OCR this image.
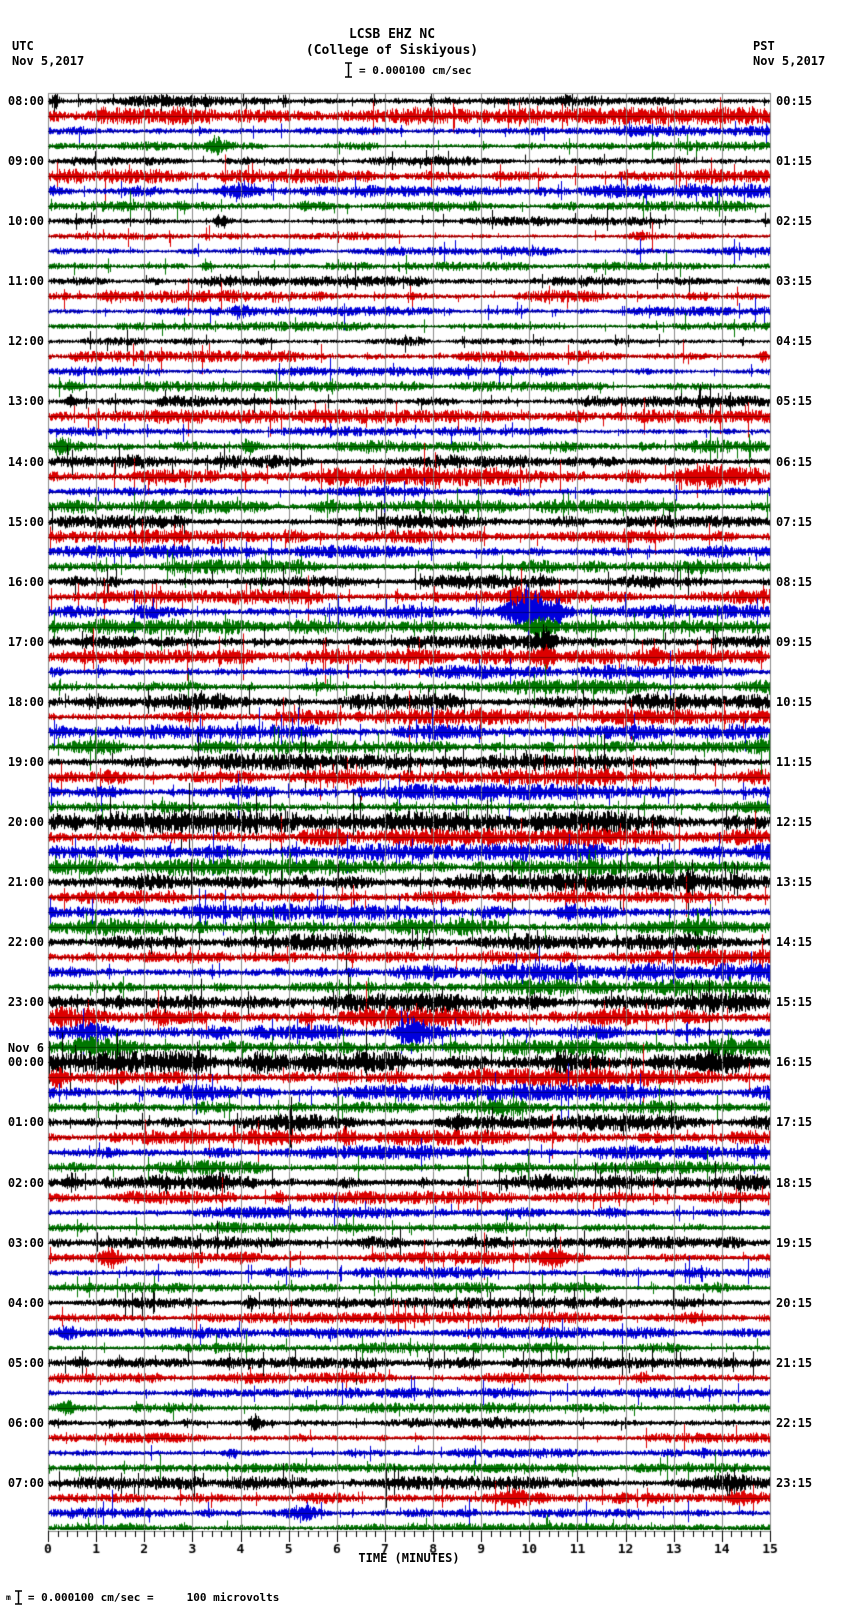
LCSB EHZ NC
(College of Siskiyous)
UTC
Nov 5,2017
PST
Nov 5,2017
= 0.000100 cm/sec
08:00
09:00
10:00
11:00
12:00
13:00
14:00
15:00
16:00
17:00
18:00
19:00
20:00
21:00
22:00
23:00
00:00
01:00
02:00
03:00
04:00
05:00
06:00
07:00
00:15
01:15
02:15
03:15
04:15
05:15
06:15
07:15
08:15
09:15
10:15
11:15
12:15
13:15
14:15
15:15
16:15
17:15
18:15
19:15
20:15
21:15
22:15
23:15
Nov 6
TIME (MINUTES)
m = 0.000100 cm/sec =	100 microvolts
